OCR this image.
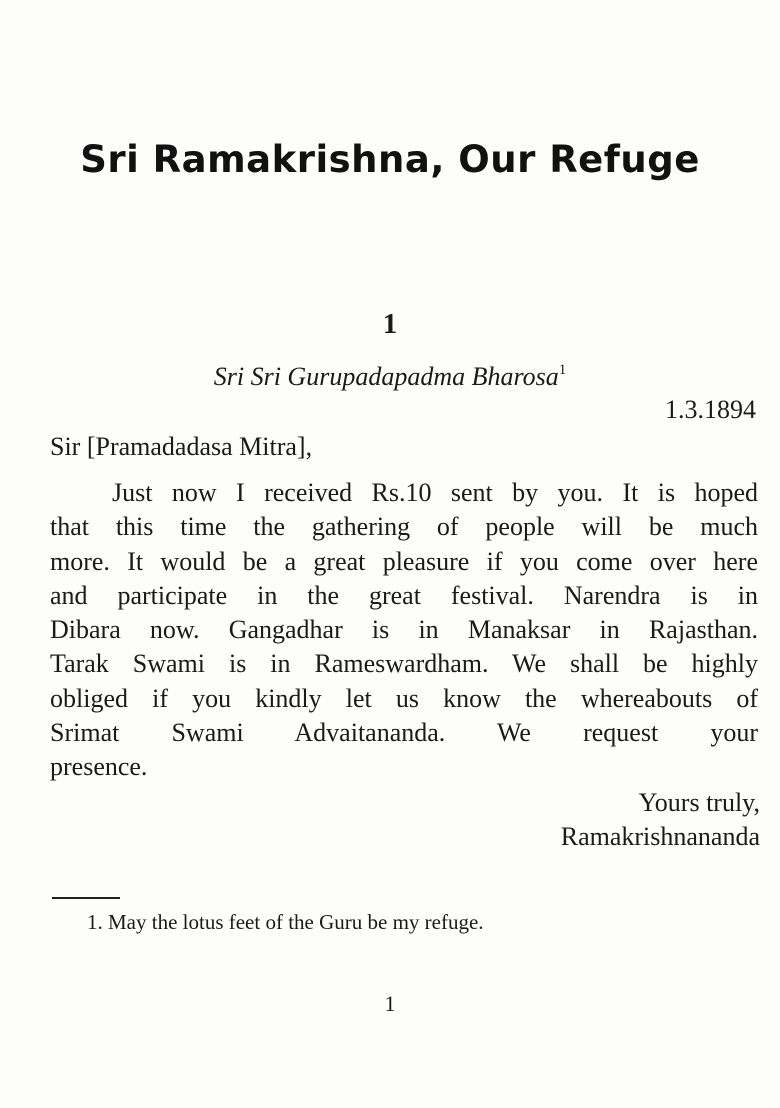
Sri Ramakrishna, Our Refuge

1

Sri Sri Gurupadapadma Bharosa$^1$

1.3.1894

Sir [Pramadadasa Mitra],

Just now I received Rs.10 sent by you. It is hoped
that this time the gathering of people will be much
more. It would be a great pleasure if you come over here
and participate in the great festival. Narendra is in
Dibara now. Gangadhar is in Manaksar in Rajasthan.
Tarak Swami is in Rameswardham. We shall be highly
obliged if you kindly let us know the whereabouts of
Srimat Swami Advaitananda. We request your
presence.
Yours truly,
Ramakrishnananda

1. May the lotus feet of the Guru be my refuge.

1
